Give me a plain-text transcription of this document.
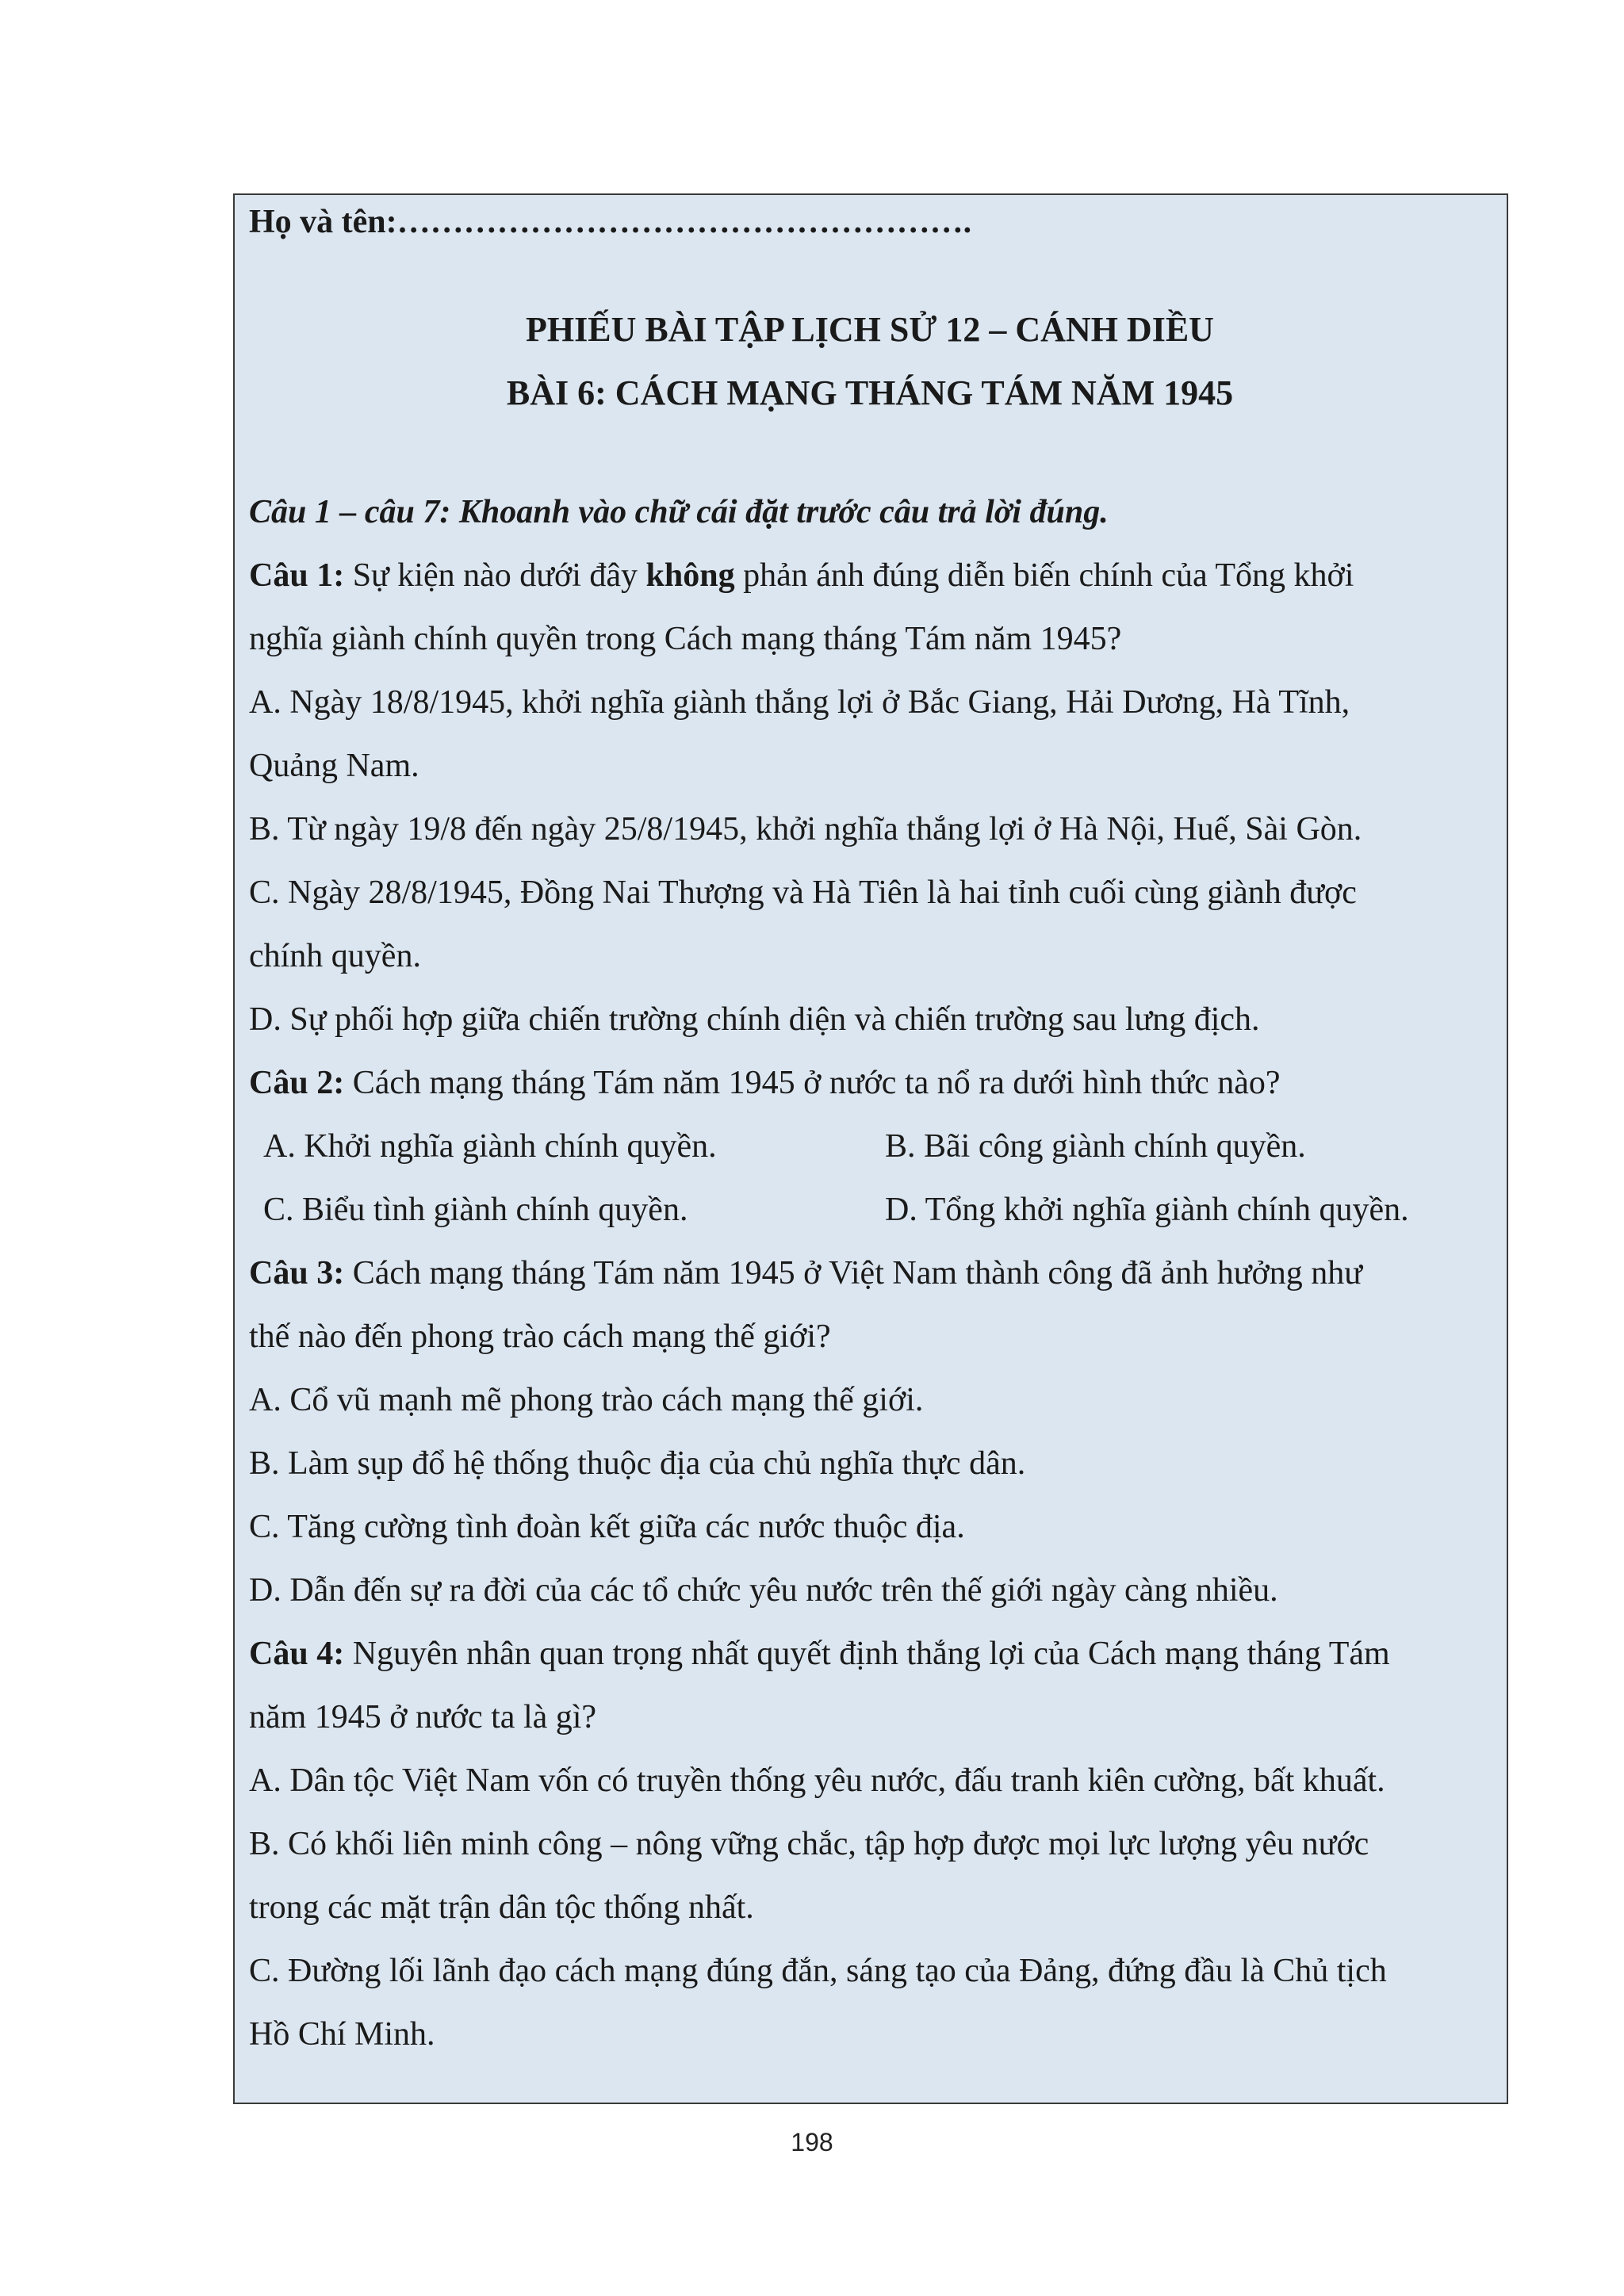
Họ và tên:…………………………………………….
PHIẾU BÀI TẬP LỊCH SỬ 12 – CÁNH DIỀU
BÀI 6: CÁCH MẠNG THÁNG TÁM NĂM 1945
Câu 1 – câu 7: Khoanh vào chữ cái đặt trước câu trả lời đúng.
Câu 1: Sự kiện nào dưới đây không phản ánh đúng diễn biến chính của Tổng khởi
nghĩa giành chính quyền trong Cách mạng tháng Tám năm 1945?
A. Ngày 18/8/1945, khởi nghĩa giành thắng lợi ở Bắc Giang, Hải Dương, Hà Tĩnh,
Quảng Nam.
B. Từ ngày 19/8 đến ngày 25/8/1945, khởi nghĩa thắng lợi ở Hà Nội, Huế, Sài Gòn.
C. Ngày 28/8/1945, Đồng Nai Thượng và Hà Tiên là hai tỉnh cuối cùng giành được
chính quyền.
D. Sự phối hợp giữa chiến trường chính diện và chiến trường sau lưng địch.
Câu 2: Cách mạng tháng Tám năm 1945 ở nước ta nổ ra dưới hình thức nào?
A. Khởi nghĩa giành chính quyền.	B. Bãi công giành chính quyền.
C. Biểu tình giành chính quyền.	D. Tổng khởi nghĩa giành chính quyền.
Câu 3: Cách mạng tháng Tám năm 1945 ở Việt Nam thành công đã ảnh hưởng như
thế nào đến phong trào cách mạng thế giới?
A. Cổ vũ mạnh mẽ phong trào cách mạng thế giới.
B. Làm sụp đổ hệ thống thuộc địa của chủ nghĩa thực dân.
C. Tăng cường tình đoàn kết giữa các nước thuộc địa.
D. Dẫn đến sự ra đời của các tổ chức yêu nước trên thế giới ngày càng nhiều.
Câu 4: Nguyên nhân quan trọng nhất quyết định thắng lợi của Cách mạng tháng Tám
năm 1945 ở nước ta là gì?
A. Dân tộc Việt Nam vốn có truyền thống yêu nước, đấu tranh kiên cường, bất khuất.
B. Có khối liên minh công – nông vững chắc, tập hợp được mọi lực lượng yêu nước
trong các mặt trận dân tộc thống nhất.
C. Đường lối lãnh đạo cách mạng đúng đắn, sáng tạo của Đảng, đứng đầu là Chủ tịch
Hồ Chí Minh.
198
